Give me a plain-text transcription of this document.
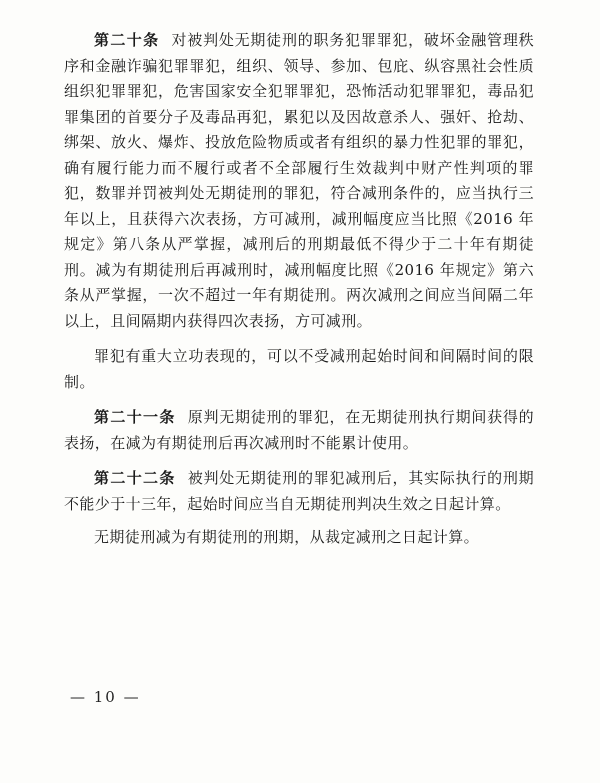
第二十条 对被判处无期徒刑的职务犯罪罪犯，破坏金融管理秩序和金融诈骗犯罪罪犯，组织、领导、参加、包庇、纵容黑社会性质组织犯罪罪犯，危害国家安全犯罪罪犯，恐怖活动犯罪罪犯，毒品犯罪集团的首要分子及毒品再犯，累犯以及因故意杀人、强奸、抢劫、绑架、放火、爆炸、投放危险物质或者有组织的暴力性犯罪的罪犯，确有履行能力而不履行或者不全部履行生效裁判中财产性判项的罪犯，数罪并罚被判处无期徒刑的罪犯，符合减刑条件的，应当执行三年以上，且获得六次表扬，方可减刑，减刑幅度应当比照《2016 年规定》第八条从严掌握，减刑后的刑期最低不得少于二十年有期徒刑。减为有期徒刑后再减刑时，减刑幅度比照《2016 年规定》第六条从严掌握，一次不超过一年有期徒刑。两次减刑之间应当间隔二年以上，且间隔期内获得四次表扬，方可减刑。

罪犯有重大立功表现的，可以不受减刑起始时间和间隔时间的限制。

第二十一条 原判无期徒刑的罪犯，在无期徒刑执行期间获得的表扬，在减为有期徒刑后再次减刑时不能累计使用。

第二十二条 被判处无期徒刑的罪犯减刑后，其实际执行的刑期不能少于十三年，起始时间应当自无期徒刑判决生效之日起计算。

无期徒刑减为有期徒刑的刑期，从裁定减刑之日起计算。

— 10 —
